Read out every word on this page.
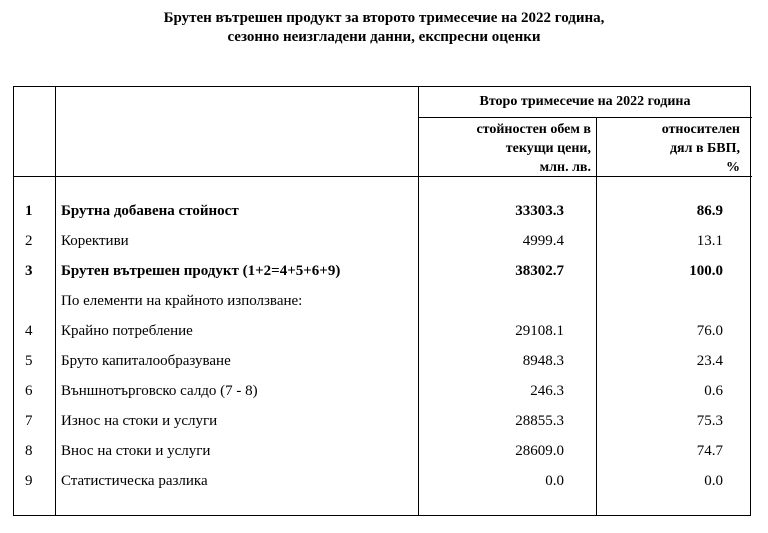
Брутен вътрешен продукт за второто тримесечие на 2022 година,
сезонно неизгладени данни, експресни оценки
Второ тримесечие на 2022 година
стойностен обем в
текущи цени,
млн. лв.
относителен
дял в БВП,
%
1	Брутна добавена стойност	33303.3	86.9
2	Корективи	4999.4	13.1
3	Брутен вътрешен продукт (1+2=4+5+6+9)	38302.7	100.0
По елементи на крайното използване:
4	Крайно потребление	29108.1	76.0
5	Бруто капиталообразуване	8948.3	23.4
6	Външнотърговско салдо (7 - 8)	246.3	0.6
7	Износ на стоки и услуги	28855.3	75.3
8	Внос на стоки и услуги	28609.0	74.7
9	Статистическа разлика	0.0	0.0
